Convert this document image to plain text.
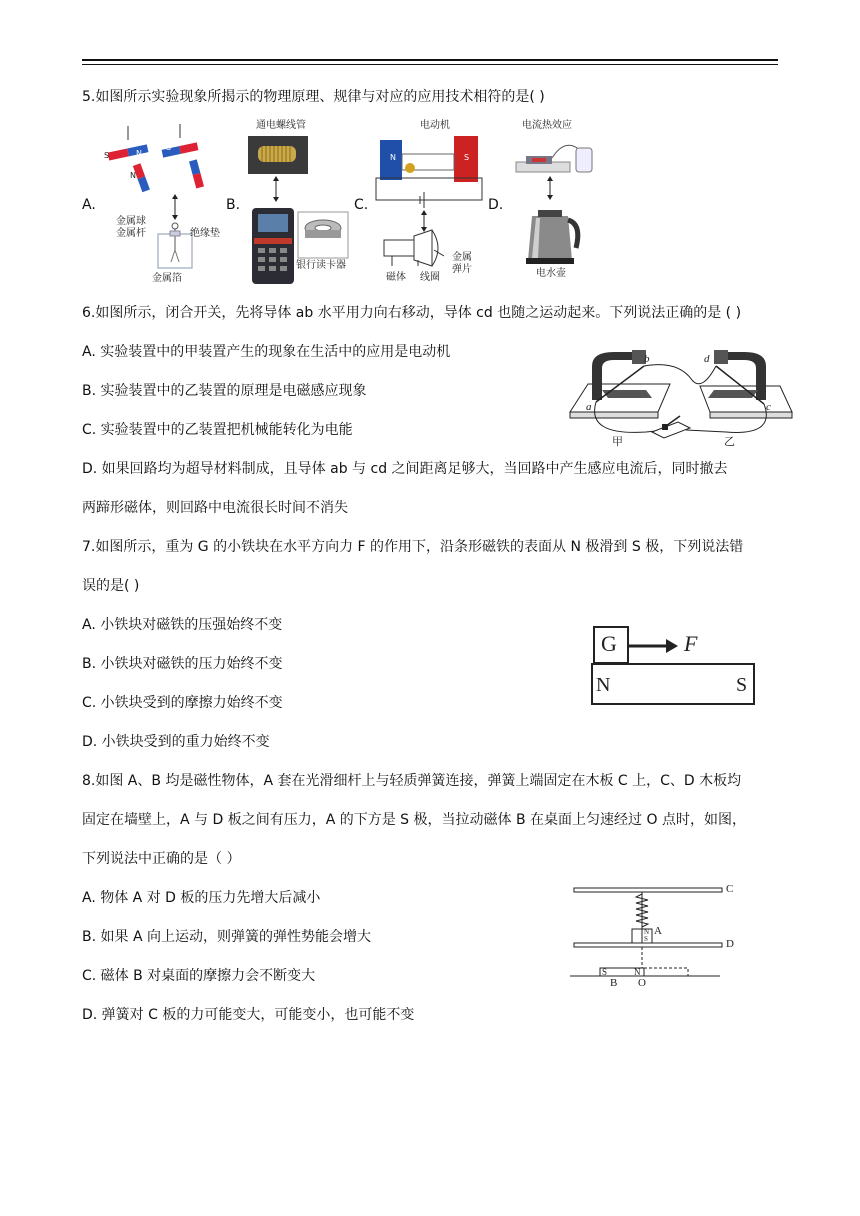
5.如图所示实验现象所揭示的物理原理、规律与对应的应用技术相符的是( )
A.	B.	C.	D.
S	N
N
S
金属球
金属杆	绝缘垫
金属箔
通电螺线管
银行读卡器
电动机
N	S
金属
弹片
磁体 线圈
电流热效应
电水壶
6.如图所示，闭合开关，先将导体 ab 水平用力向右移动，导体 cd 也随之运动起来。下列说法正确的是 ( )
A. 实验装置中的甲装置产生的现象在生活中的应用是电动机
B. 实验装置中的乙装置的原理是电磁感应现象
C. 实验装置中的乙装置把机械能转化为电能
D. 如果回路均为超导材料制成，且导体 ab 与 cd 之间距离足够大，当回路中产生感应电流后，同时撤去
两蹄形磁体，则回路中电流很长时间不消失
a
b	d
c
甲	乙
7.如图所示，重为 G 的小铁块在水平方向力 F 的作用下，沿条形磁铁的表面从 N 极滑到 S 极，下列说法错
误的是( )
A. 小铁块对磁铁的压强始终不变
B. 小铁块对磁铁的压力始终不变
C. 小铁块受到的摩擦力始终不变
D. 小铁块受到的重力始终不变
G	F
N	S
8.如图 A、B 均是磁性物体，A 套在光滑细杆上与轻质弹簧连接，弹簧上端固定在木板 C 上，C、D 木板均
固定在墙壁上，A 与 D 板之间有压力，A 的下方是 S 极，当拉动磁体 B 在桌面上匀速经过 O 点时，如图，
下列说法中正确的是（ ）
A. 物体 A 对 D 板的压力先增大后减小
B. 如果 A 向上运动，则弹簧的弹性势能会增大
C. 磁体 B 对桌面的摩擦力会不断变大
D. 弹簧对 C 板的力可能变大，可能变小，也可能不变
C
D
A
N
S
S	N
B O
